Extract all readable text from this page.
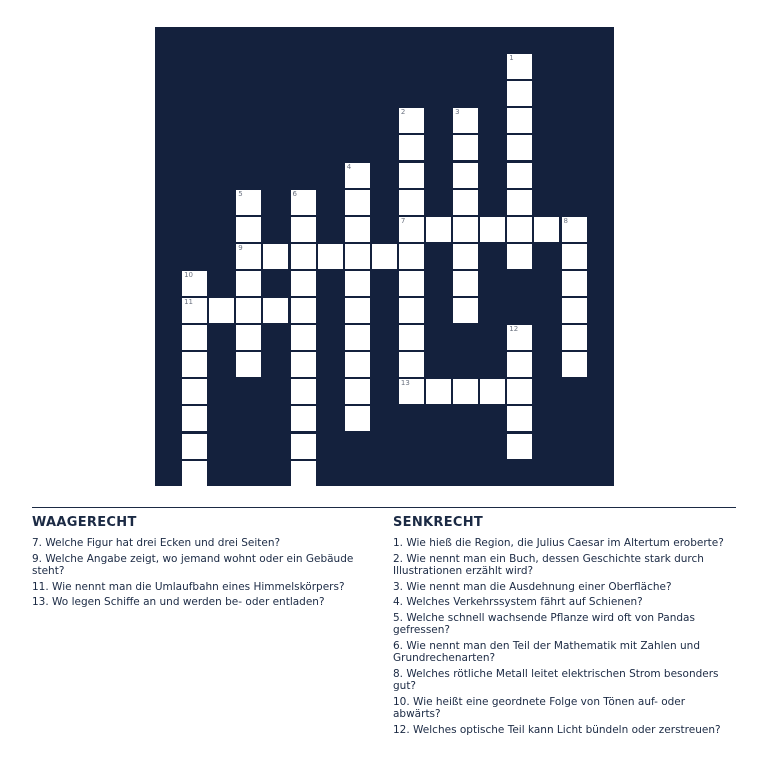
1
2	3
4
5	6
7	8
9
10
11
12
13
WAAGERECHT
7. Welche Figur hat drei Ecken und drei Seiten?
9. Welche Angabe zeigt, wo jemand wohnt oder ein Gebäude steht?
11. Wie nennt man die Umlaufbahn eines Himmelskörpers?
13. Wo legen Schiffe an und werden be- oder entladen?
SENKRECHT
1. Wie hieß die Region, die Julius Caesar im Altertum eroberte?
2. Wie nennt man ein Buch, dessen Geschichte stark durch Illustrationen erzählt wird?
3. Wie nennt man die Ausdehnung einer Oberfläche?
4. Welches Verkehrssystem fährt auf Schienen?
5. Welche schnell wachsende Pflanze wird oft von Pandas gefressen?
6. Wie nennt man den Teil der Mathematik mit Zahlen und Grundrechenarten?
8. Welches rötliche Metall leitet elektrischen Strom besonders gut?
10. Wie heißt eine geordnete Folge von Tönen auf- oder abwärts?
12. Welches optische Teil kann Licht bündeln oder zerstreuen?
